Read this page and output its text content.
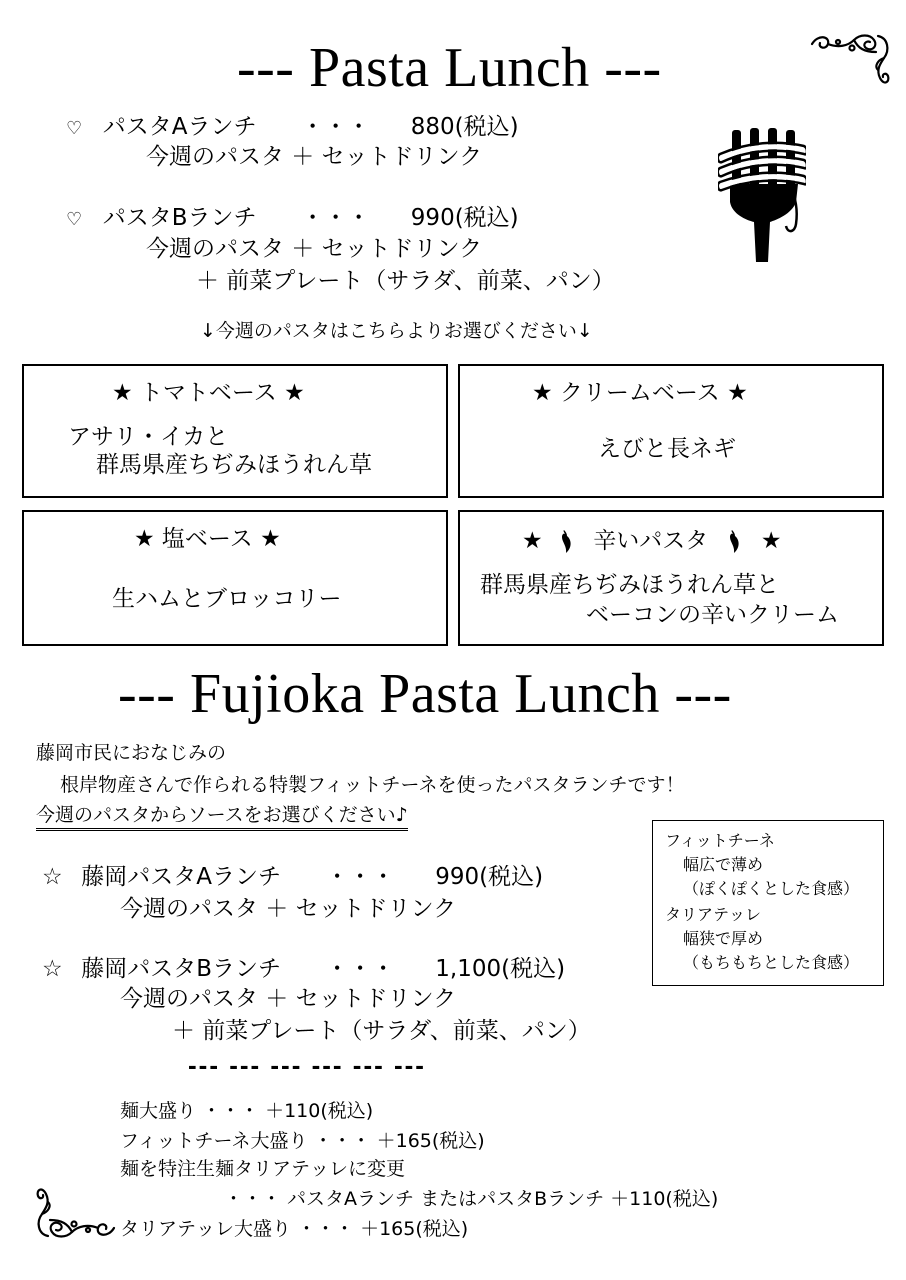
--- Pasta Lunch ---
♡ パスタAランチ ・・・ 880(税込)
今週のパスタ ＋ セットドリンク
♡ パスタBランチ ・・・ 990(税込)
今週のパスタ ＋ セットドリンク
＋ 前菜プレート（サラダ、前菜、パン）
↓今週のパスタはこちらよりお選びください↓
★ トマトベース ★
アサリ・イカと
群馬県産ちぢみほうれん草
★ クリームベース ★
えびと長ネギ
★ 塩ベース ★
生ハムとブロッコリー
★ 辛いパスタ ★
群馬県産ちぢみほうれん草と
ベーコンの辛いクリーム
--- Fujioka Pasta Lunch ---
藤岡市民におなじみの
根岸物産さんで作られる特製フィットチーネを使ったパスタランチです！
今週のパスタからソースをお選びください♪
フィットチーネ
幅広で薄め
（ぽくぽくとした食感）
タリアテッレ
幅狭で厚め
（もちもちとした食感）
☆ 藤岡パスタAランチ ・・・ 990(税込)
今週のパスタ ＋ セットドリンク
☆ 藤岡パスタBランチ ・・・ 1,100(税込)
今週のパスタ ＋ セットドリンク
＋ 前菜プレート（サラダ、前菜、パン）
--- --- --- --- --- ---
麺大盛り ・・・ ＋110(税込)
フィットチーネ大盛り ・・・ ＋165(税込)
麺を特注生麺タリアテッレに変更
・・・ パスタAランチ またはパスタBランチ ＋110(税込)
タリアテッレ大盛り ・・・ ＋165(税込)
